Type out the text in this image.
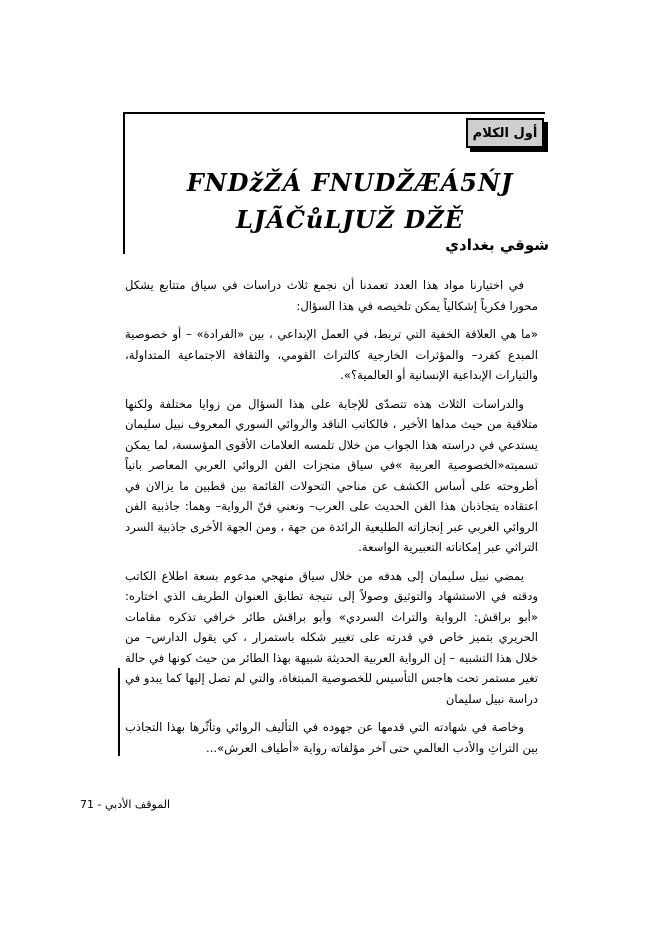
أول الكلام
FNDžŽÁ FNUDŽÆÁ5ŃJ
LJÃČůLJUŽ DŽĚ
شوقي بغدادي

في اختيارنا مواد هذا العدد تعمدنا أن نجمع ثلاث دراسات في سياق متتابع يشكل محورا فكرياً إشكالياً يمكن تلخيصه في هذا السؤال:

«ما هي العلاقة الخفية التي تربط، في العمل الإبداعي ، بين «الفرادة» – أو خصوصية المبدع كفرد– والمؤثرات الخارجية كالتراث القومي، والثقافة الاجتماعية المتداولة، والتيارات الإبداعية الإنسانية أو العالمية؟».

والدراسات الثلاث هذه تتصدّى للإجابة على هذا السؤال من زوايا مختلفة ولكنها متلاقية من حيث مداها الأخير ، فالكاتب الناقد والروائي السوري المعروف نبيل سليمان يستدعي في دراسته هذا الجواب من خلال تلمسه العلامات الأقوى المؤسسة، لما يمكن تسميته«الخصوصية العربية »في سياق منجزات الفن الروائي العربي المعاصر بانياً أطروحته على أساس الكشف عن مناحي التحولات القائمة بين قطبين ما يزالان في اعتقاده يتجاذبان هذا الفن الحديث على العرب– ونعني فنّ الرواية– وهما: جاذبية الفن الروائي الغربي عبر إنجازاته الطليعية الرائدة من جهة ، ومن الجهة الأخرى جاذبية السرد التراثي عبر إمكاناته التعبيرية الواسعة.

يمضي نبيل سليمان إلى هدفه من خلال سياق منهجي مدعوم بسعة اطلاع الكاتب ودقته في الاستشهاد والتوثيق وصولاً إلى نتيجة تطابق العنوان الطريف الذي اختاره: «أبو براقش: الرواية والتراث السردي» وأبو براقش طائر خرافي تذكره مقامات الحريري بتميز خاص في قدرته على تغيير شكله باستمرار ، كي يقول الدارس– من خلال هذا التشبيه – إن الرواية العربية الحديثة شبيهة بهذا الطائر من حيث كونها في حالة تغير مستمر تحت هاجس التأسيس للخصوصية المبتغاة، والتي لم تصل إليها كما يبدو في دراسة نبيل سليمان

وخاصة في شهادته التي قدمها عن جهوده في التأليف الروائي وتأثّرها بهذا التجاذب بين التراثِ والأدب العالمي حتى آخر مؤلفاته رواية «أطياف العرش»...

الموقف الأدبي - 71
